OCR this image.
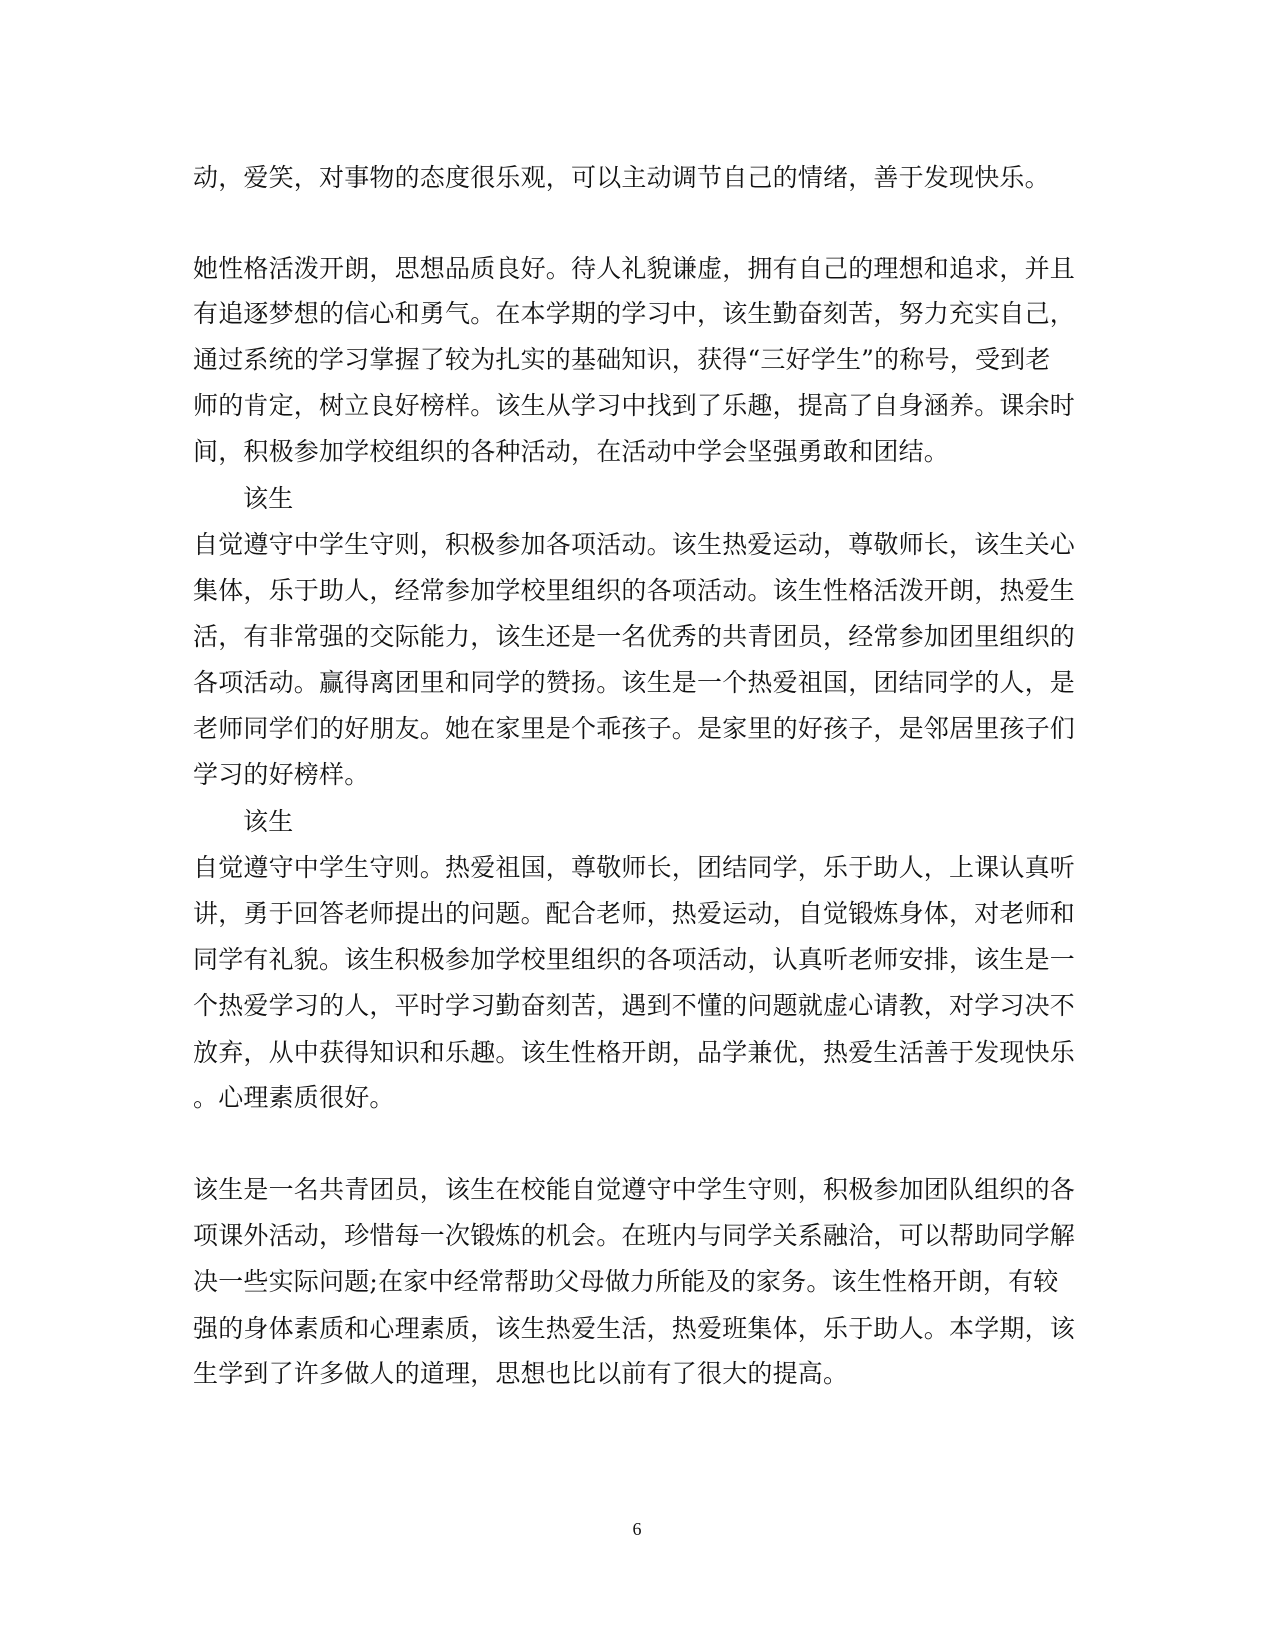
动，爱笑，对事物的态度很乐观，可以主动调节自己的情绪，善于发现快乐。
她性格活泼开朗，思想品质良好。待人礼貌谦虚，拥有自己的理想和追求，并且
有追逐梦想的信心和勇气。在本学期的学习中，该生勤奋刻苦，努力充实自己，
通过系统的学习掌握了较为扎实的基础知识，获得“三好学生”的称号，受到老
师的肯定，树立良好榜样。该生从学习中找到了乐趣，提高了自身涵养。课余时
间，积极参加学校组织的各种活动，在活动中学会坚强勇敢和团结。
该生
自觉遵守中学生守则，积极参加各项活动。该生热爱运动，尊敬师长，该生关心
集体，乐于助人，经常参加学校里组织的各项活动。该生性格活泼开朗，热爱生
活，有非常强的交际能力，该生还是一名优秀的共青团员，经常参加团里组织的
各项活动。赢得离团里和同学的赞扬。该生是一个热爱祖国，团结同学的人，是
老师同学们的好朋友。她在家里是个乖孩子。是家里的好孩子，是邻居里孩子们
学习的好榜样。
该生
自觉遵守中学生守则。热爱祖国，尊敬师长，团结同学，乐于助人，上课认真听
讲，勇于回答老师提出的问题。配合老师，热爱运动，自觉锻炼身体，对老师和
同学有礼貌。该生积极参加学校里组织的各项活动，认真听老师安排，该生是一
个热爱学习的人，平时学习勤奋刻苦，遇到不懂的问题就虚心请教，对学习决不
放弃，从中获得知识和乐趣。该生性格开朗，品学兼优，热爱生活善于发现快乐
。心理素质很好。
该生是一名共青团员，该生在校能自觉遵守中学生守则，积极参加团队组织的各
项课外活动，珍惜每一次锻炼的机会。在班内与同学关系融洽，可以帮助同学解
决一些实际问题;在家中经常帮助父母做力所能及的家务。该生性格开朗，有较
强的身体素质和心理素质，该生热爱生活，热爱班集体，乐于助人。本学期，该
生学到了许多做人的道理，思想也比以前有了很大的提高。
6
